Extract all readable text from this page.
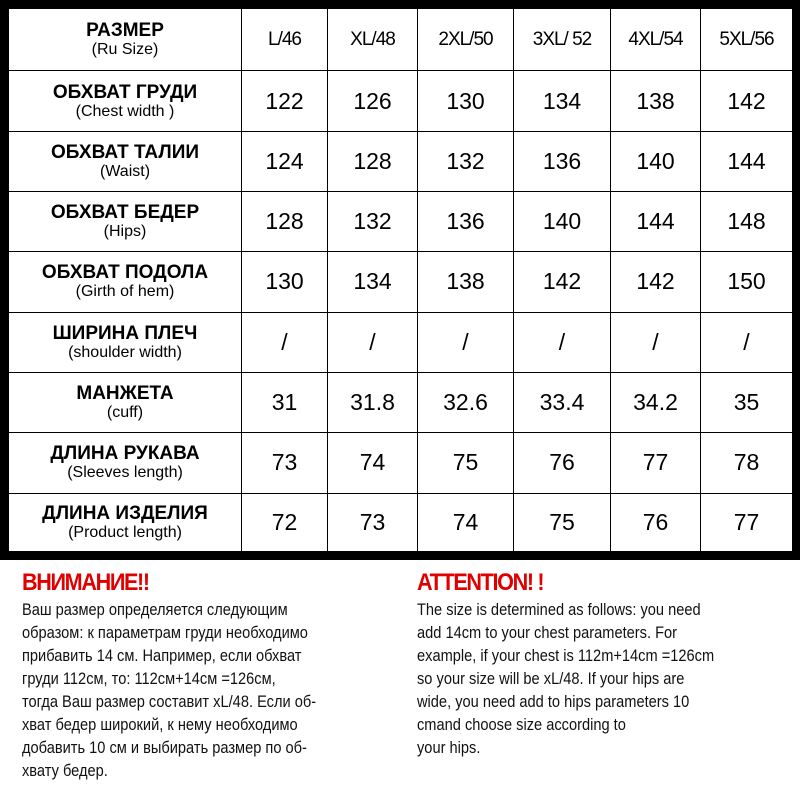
РАЗМЕР
(Ru Size)	L/46	XL/48	2XL/50	3XL/ 52	4XL/54	5XL/56

ОБХВАТ ГРУДИ
(Chest width )	122	126	130	134	138	142

ОБХВАТ ТАЛИИ
(Waist)	124	128	132	136	140	144

ОБХВАТ БЕДЕР
(Hips)	128	132	136	140	144	148

ОБХВАТ ПОДОЛА
(Girth of hem)	130	134	138	142	142	150

ШИРИНА ПЛЕЧ
(shoulder width)	/	/	/	/	/	/

МАНЖЕТА
(cuff)	31	31.8	32.6	33.4	34.2	35

ДЛИНА РУКАВА
(Sleeves length)	73	74	75	76	77	78

ДЛИНА ИЗДЕЛИЯ
(Product length)	72	73	74	75	76	77
ВНИМАНИЕ!!
Ваш размер определяется следующим
образом: к параметрам груди необходимо
прибавить 14 см. Например, если обхват
груди 112см, то: 112см+14см =126см,
тогда Ваш размер составит xL/48. Если об-
хват бедер широкий, к нему необходимо
добавить 10 см и выбирать размер по об-
хвату бедер.
ATTENTION! !
The size is determined as follows: you need
add 14cm to your chest parameters. For
example, if your chest is 112m+14cm =126cm
so your size will be xL/48. If your hips are
wide, you need add to hips parameters 10
cmand choose size according to
your hips.
